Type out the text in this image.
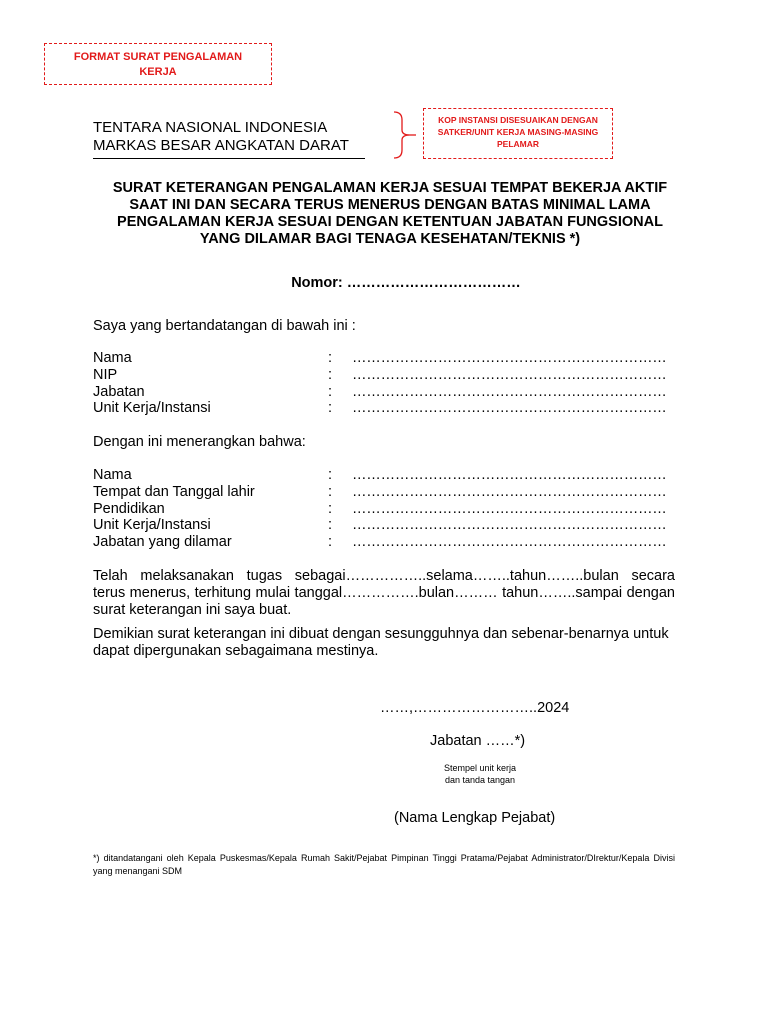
FORMAT SURAT PENGALAMAN KERJA
KOP INSTANSI DISESUAIKAN DENGAN SATKER/UNIT KERJA MASING-MASING PELAMAR
TENTARA NASIONAL INDONESIA
MARKAS BESAR ANGKATAN DARAT
SURAT KETERANGAN PENGALAMAN KERJA SESUAI TEMPAT BEKERJA AKTIF
SAAT INI DAN SECARA TERUS MENERUS DENGAN BATAS MINIMAL LAMA
PENGALAMAN KERJA SESUAI DENGAN KETENTUAN JABATAN FUNGSIONAL
YANG DILAMAR BAGI TENAGA KESEHATAN/TEKNIS *)
Nomor: ………………………………
Saya yang bertandatangan di bawah ini :
Nama	: …………………………………………………………
NIP	: …………………………………………………………
Jabatan	: …………………………………………………………
Unit Kerja/Instansi	: …………………………………………………………
Dengan ini menerangkan bahwa:
Nama	: …………………………………………………………
Tempat dan Tanggal lahir	: …………………………………………………………
Pendidikan	: …………………………………………………………
Unit Kerja/Instansi	: …………………………………………………………
Jabatan yang dilamar	: …………………………………………………………
Telah melaksanakan tugas sebagai……………..selama……..tahun……..bulan secara terus menerus, terhitung mulai tanggal…………….bulan……… tahun……..sampai dengan surat keterangan ini saya buat.
Demikian surat keterangan ini dibuat dengan sesungguhnya dan sebenar-benarnya untuk dapat dipergunakan sebagaimana mestinya.
……,……………………..2024
Jabatan ……*)
Stempel unit kerja
dan tanda tangan
(Nama Lengkap Pejabat)
*) ditandatangani oleh Kepala Puskesmas/Kepala Rumah Sakit/Pejabat Pimpinan Tinggi Pratama/Pejabat Administrator/DIrektur/Kepala Divisi yang menangani SDM
